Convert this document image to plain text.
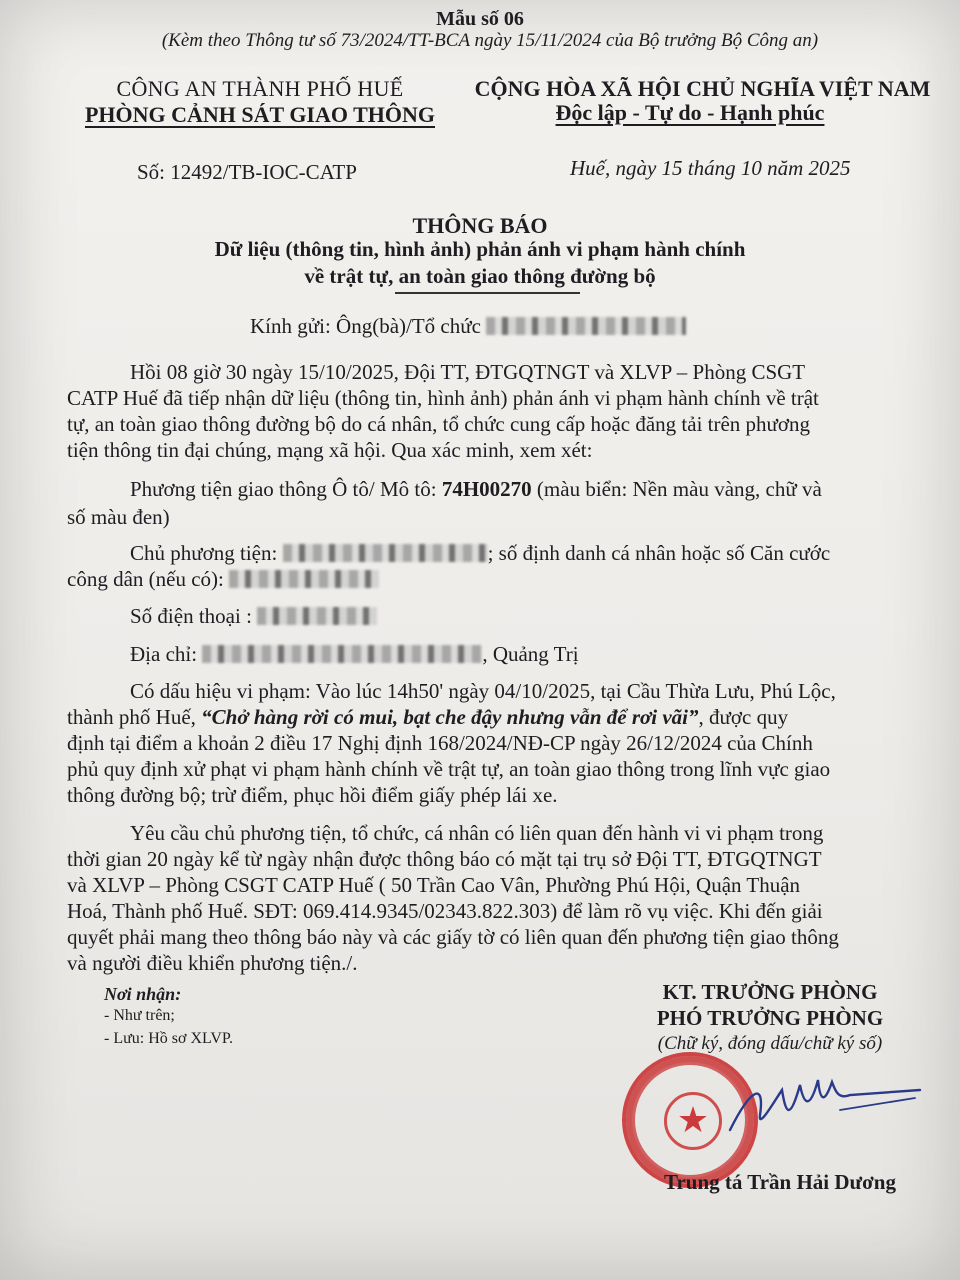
Mẫu số 06
(Kèm theo Thông tư số 73/2024/TT-BCA ngày 15/11/2024 của Bộ trưởng Bộ Công an)
CÔNG AN THÀNH PHỐ HUẾ
PHÒNG CẢNH SÁT GIAO THÔNG
CỘNG HÒA XÃ HỘI CHỦ NGHĨA VIỆT NAM
Độc lập - Tự do - Hạnh phúc
Số: 12492/TB-IOC-CATP	Huế, ngày 15 tháng 10 năm 2025
THÔNG BÁO
Dữ liệu (thông tin, hình ảnh) phản ánh vi phạm hành chính
về trật tự, an toàn giao thông đường bộ
Kính gửi: Ông(bà)/Tổ chức
Hồi 08 giờ 30 ngày 15/10/2025, Đội TT, ĐTGQTNGT và XLVP – Phòng CSGT
CATP Huế đã tiếp nhận dữ liệu (thông tin, hình ảnh) phản ánh vi phạm hành chính về trật
tự, an toàn giao thông đường bộ do cá nhân, tổ chức cung cấp hoặc đăng tải trên phương
tiện thông tin đại chúng, mạng xã hội. Qua xác minh, xem xét:
Phương tiện giao thông Ô tô/ Mô tô: 74H00270 (màu biển: Nền màu vàng, chữ và
số màu đen)
Chủ phương tiện:	; số định danh cá nhân hoặc số Căn cước
công dân (nếu có):
Số điện thoại :
Địa chỉ:	, Quảng Trị
Có dấu hiệu vi phạm: Vào lúc 14h50' ngày 04/10/2025, tại Cầu Thừa Lưu, Phú Lộc,
thành phố Huế, “Chở hàng rời có mui, bạt che đậy nhưng vẫn để rơi vãi”, được quy
định tại điểm a khoản 2 điều 17 Nghị định 168/2024/NĐ-CP ngày 26/12/2024 của Chính
phủ quy định xử phạt vi phạm hành chính về trật tự, an toàn giao thông trong lĩnh vực giao
thông đường bộ; trừ điểm, phục hồi điểm giấy phép lái xe.
Yêu cầu chủ phương tiện, tổ chức, cá nhân có liên quan đến hành vi vi phạm trong
thời gian 20 ngày kể từ ngày nhận được thông báo có mặt tại trụ sở Đội TT, ĐTGQTNGT
và XLVP – Phòng CSGT CATP Huế ( 50 Trần Cao Vân, Phường Phú Hội, Quận Thuận
Hoá, Thành phố Huế. SĐT: 069.414.9345/02343.822.303) để làm rõ vụ việc. Khi đến giải
quyết phải mang theo thông báo này và các giấy tờ có liên quan đến phương tiện giao thông
và người điều khiển phương tiện./.
Nơi nhận:
- Như trên;
- Lưu: Hồ sơ XLVP.
KT. TRƯỞNG PHÒNG
PHÓ TRƯỞNG PHÒNG
(Chữ ký, đóng dấu/chữ ký số)
★
Trung tá Trần Hải Dương
